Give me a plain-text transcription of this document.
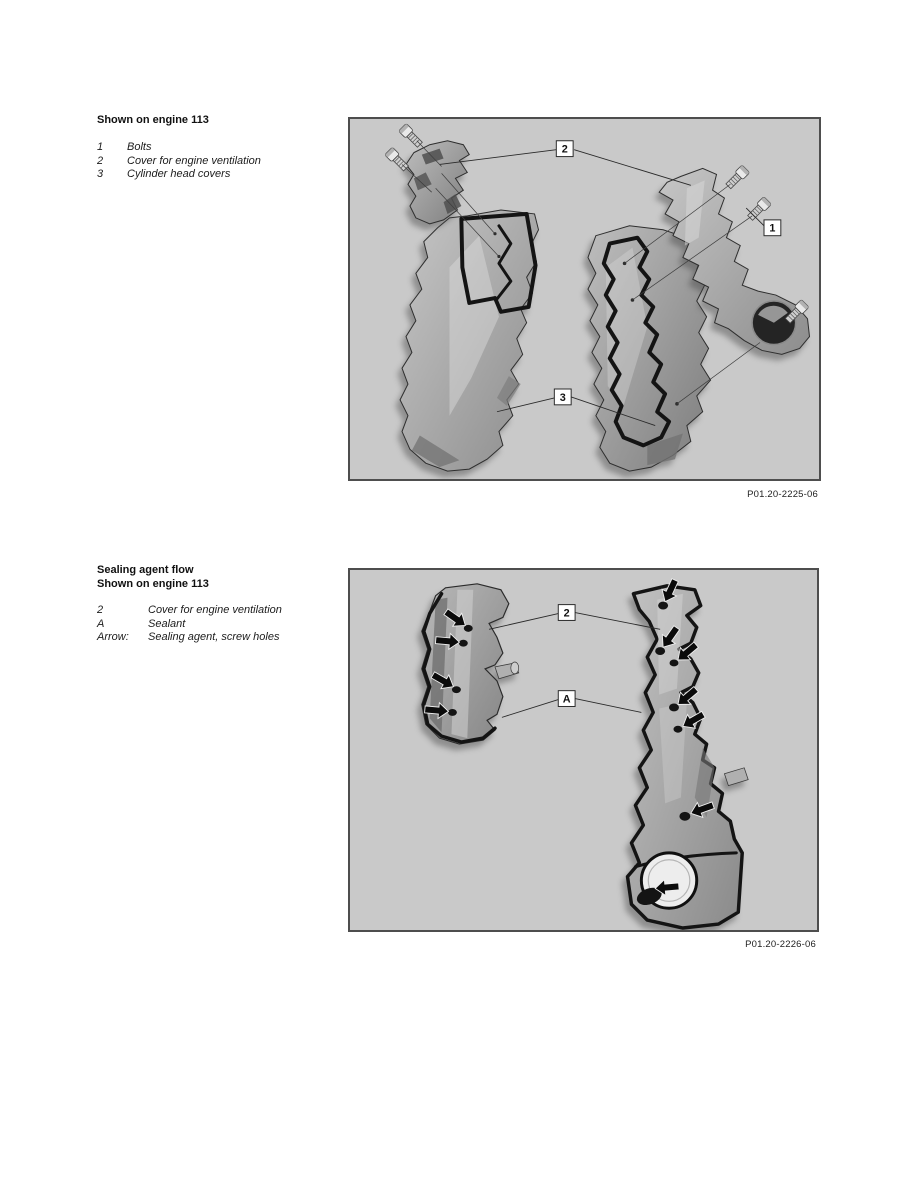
Shown on engine 113
1	Bolts
2	Cover for engine ventilation
3	Cylinder head covers
2
1
3
P01.20-2225-06
Sealing agent flow
Shown on engine 113
2	Cover for engine ventilation
A	Sealant
Arrow:	Sealing agent, screw holes
2
A
P01.20-2226-06
